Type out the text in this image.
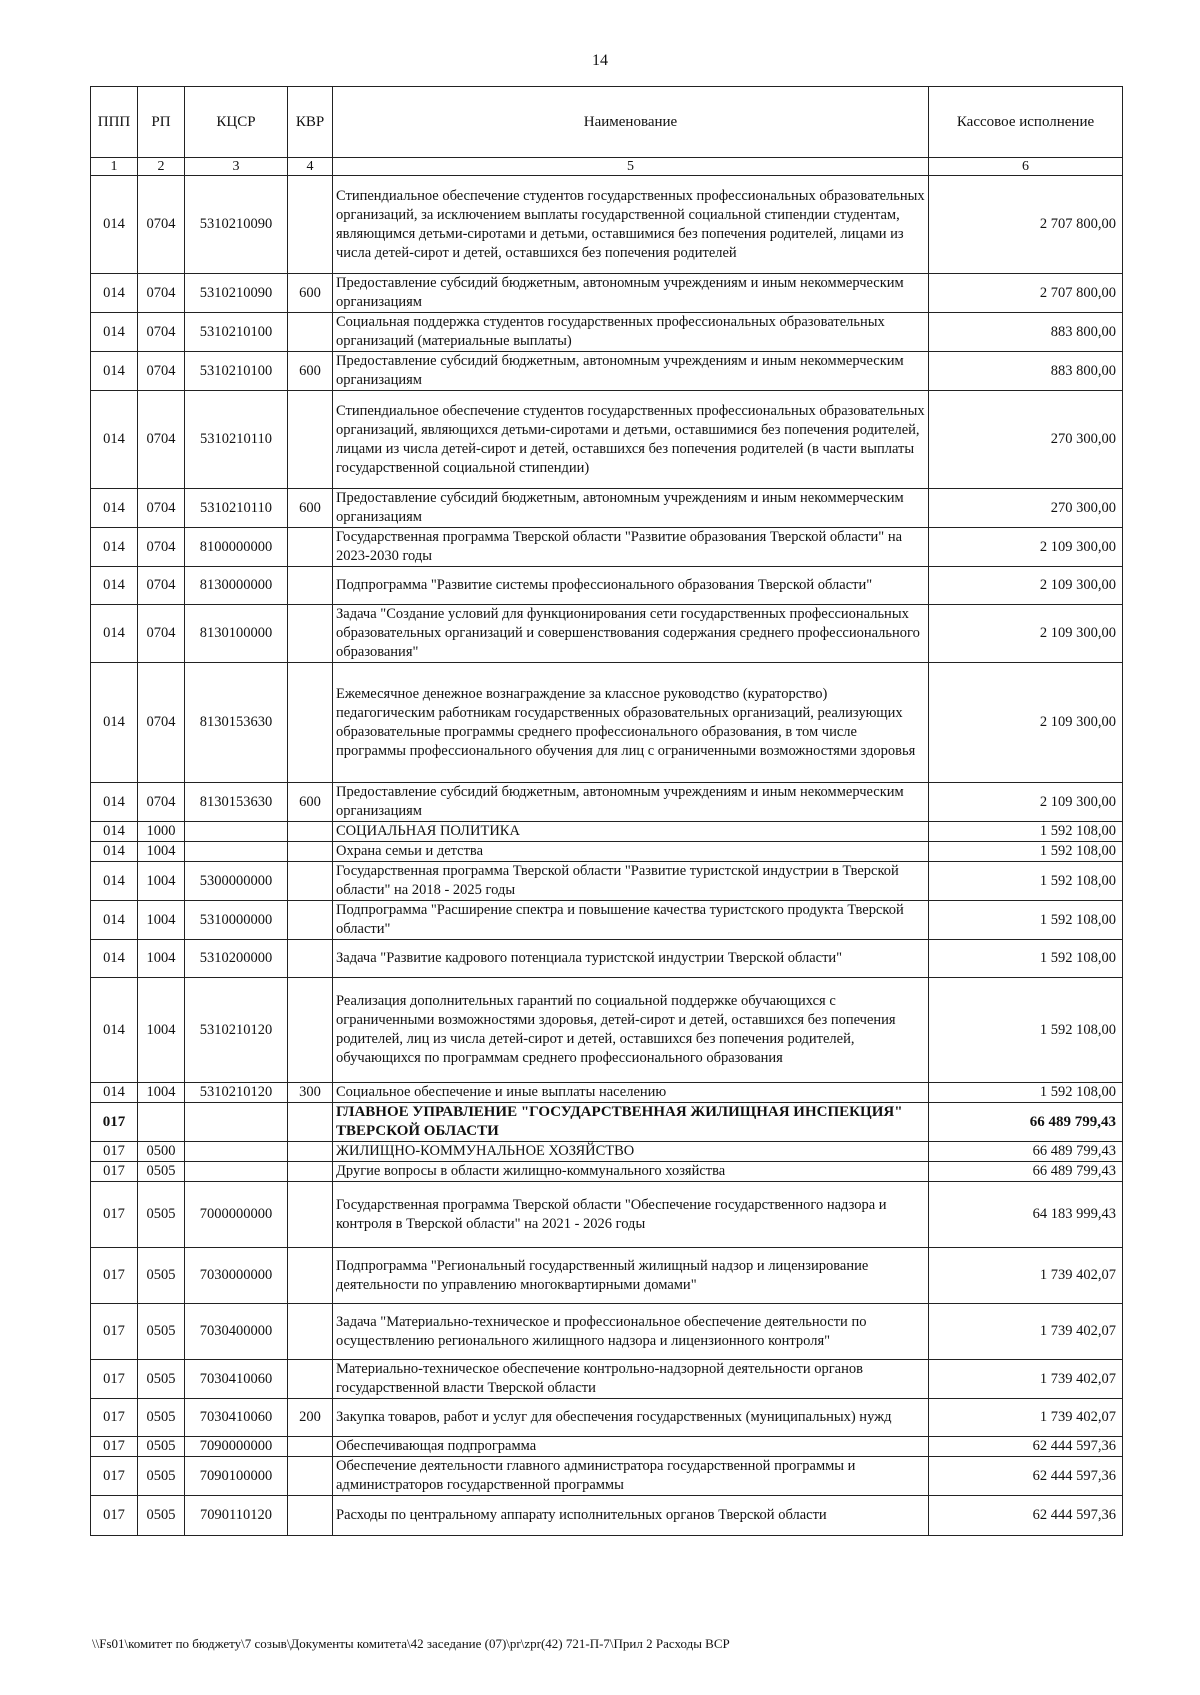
14
ППП	РП	КЦСР	КВР	Наименование	Кассовое исполнение
1	2	3	4	5	6
014	0704	5310210090		Стипендиальное обеспечение студентов государственных профессиональных образовательных организаций, за исключением выплаты государственной социальной стипендии студентам, являющимся детьми-сиротами и детьми, оставшимися без попечения родителей, лицами из числа детей-сирот и детей, оставшихся без попечения родителей	2 707 800,00
014	0704	5310210090	600	Предоставление субсидий бюджетным, автономным учреждениям и иным некоммерческим организациям	2 707 800,00
014	0704	5310210100		Социальная поддержка студентов государственных профессиональных образовательных организаций (материальные выплаты)	883 800,00
014	0704	5310210100	600	Предоставление субсидий бюджетным, автономным учреждениям и иным некоммерческим организациям	883 800,00
014	0704	5310210110		Стипендиальное обеспечение студентов государственных профессиональных образовательных организаций, являющихся детьми-сиротами и детьми, оставшимися без попечения родителей, лицами из числа детей-сирот и детей, оставшихся без попечения родителей (в части выплаты государственной социальной стипендии)	270 300,00
014	0704	5310210110	600	Предоставление субсидий бюджетным, автономным учреждениям и иным некоммерческим организациям	270 300,00
014	0704	8100000000		Государственная программа Тверской области "Развитие образования Тверской области" на 2023-2030 годы	2 109 300,00
014	0704	8130000000		Подпрограмма "Развитие системы профессионального образования Тверской области"	2 109 300,00
014	0704	8130100000		Задача "Создание условий для функционирования сети государственных профессиональных образовательных организаций и совершенствования содержания среднего профессионального образования"	2 109 300,00
014	0704	8130153630		Ежемесячное денежное вознаграждение за классное руководство (кураторство) педагогическим работникам государственных образовательных организаций, реализующих образовательные программы среднего профессионального образования, в том числе программы профессионального обучения для лиц с ограниченными возможностями здоровья	2 109 300,00
014	0704	8130153630	600	Предоставление субсидий бюджетным, автономным учреждениям и иным некоммерческим организациям	2 109 300,00
014	1000			СОЦИАЛЬНАЯ ПОЛИТИКА	1 592 108,00
014	1004			Охрана семьи и детства	1 592 108,00
014	1004	5300000000		Государственная программа Тверской области "Развитие туристской индустрии в Тверской области" на 2018 - 2025 годы	1 592 108,00
014	1004	5310000000		Подпрограмма "Расширение спектра и повышение качества туристского продукта Тверской области"	1 592 108,00
014	1004	5310200000		Задача "Развитие кадрового потенциала туристской индустрии Тверской области"	1 592 108,00
014	1004	5310210120		Реализация дополнительных гарантий по социальной поддержке обучающихся с ограниченными возможностями здоровья, детей-сирот и детей, оставшихся без попечения родителей, лиц из числа детей-сирот и детей, оставшихся без попечения родителей, обучающихся по программам среднего профессионального образования	1 592 108,00
014	1004	5310210120	300	Социальное обеспечение и иные выплаты населению	1 592 108,00
017				ГЛАВНОЕ УПРАВЛЕНИЕ "ГОСУДАРСТВЕННАЯ ЖИЛИЩНАЯ ИНСПЕКЦИЯ" ТВЕРСКОЙ ОБЛАСТИ	66 489 799,43
017	0500			ЖИЛИЩНО-КОММУНАЛЬНОЕ ХОЗЯЙСТВО	66 489 799,43
017	0505			Другие вопросы в области жилищно-коммунального хозяйства	66 489 799,43
017	0505	7000000000		Государственная программа Тверской области "Обеспечение государственного надзора и контроля в Тверской области" на 2021 - 2026 годы	64 183 999,43
017	0505	7030000000		Подпрограмма "Региональный государственный жилищный надзор и лицензирование деятельности по управлению многоквартирными домами"	1 739 402,07
017	0505	7030400000		Задача "Материально-техническое и профессиональное обеспечение деятельности по осуществлению регионального жилищного надзора и лицензионного контроля"	1 739 402,07
017	0505	7030410060		Материально-техническое обеспечение контрольно-надзорной деятельности органов государственной власти Тверской области	1 739 402,07
017	0505	7030410060	200	Закупка товаров, работ и услуг для обеспечения государственных (муниципальных) нужд	1 739 402,07
017	0505	7090000000		Обеспечивающая подпрограмма	62 444 597,36
017	0505	7090100000		Обеспечение деятельности главного администратора государственной программы и администраторов государственной программы	62 444 597,36
017	0505	7090110120		Расходы по центральному аппарату исполнительных органов Тверской области	62 444 597,36
\\Fs01\комитет по бюджету\7 созыв\Документы комитета\42 заседание (07)\pr\zpr(42) 721-П-7\Прил 2 Расходы ВСР
